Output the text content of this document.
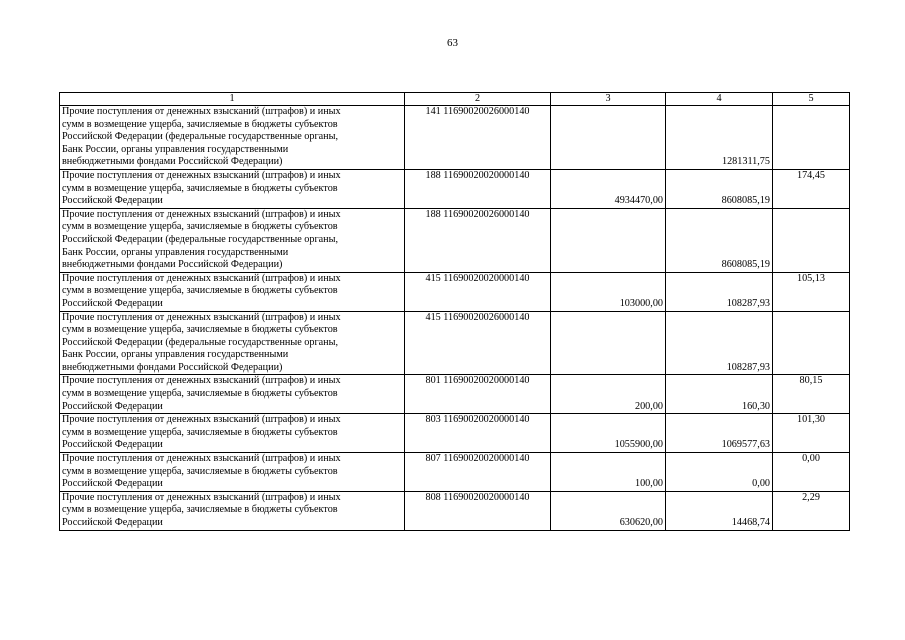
63
1	2	3	4	5
Прочие поступления от денежных взысканий (штрафов) и иных
сумм в возмещение ущерба, зачисляемые в бюджеты субъектов
Российской Федерации (федеральные государственные органы,
Банк России, органы управления государственными
внебюджетными фондами Российской Федерации)	141 11690020026000140		1281311,75	
Прочие поступления от денежных взысканий (штрафов) и иных
сумм в возмещение ущерба, зачисляемые в бюджеты субъектов
Российской Федерации	188 11690020020000140	4934470,00	8608085,19	174,45
Прочие поступления от денежных взысканий (штрафов) и иных
сумм в возмещение ущерба, зачисляемые в бюджеты субъектов
Российской Федерации (федеральные государственные органы,
Банк России, органы управления государственными
внебюджетными фондами Российской Федерации)	188 11690020026000140		8608085,19	
Прочие поступления от денежных взысканий (штрафов) и иных
сумм в возмещение ущерба, зачисляемые в бюджеты субъектов
Российской Федерации	415 11690020020000140	103000,00	108287,93	105,13
Прочие поступления от денежных взысканий (штрафов) и иных
сумм в возмещение ущерба, зачисляемые в бюджеты субъектов
Российской Федерации (федеральные государственные органы,
Банк России, органы управления государственными
внебюджетными фондами Российской Федерации)	415 11690020026000140		108287,93	
Прочие поступления от денежных взысканий (штрафов) и иных
сумм в возмещение ущерба, зачисляемые в бюджеты субъектов
Российской Федерации	801 11690020020000140	200,00	160,30	80,15
Прочие поступления от денежных взысканий (штрафов) и иных
сумм в возмещение ущерба, зачисляемые в бюджеты субъектов
Российской Федерации	803 11690020020000140	1055900,00	1069577,63	101,30
Прочие поступления от денежных взысканий (штрафов) и иных
сумм в возмещение ущерба, зачисляемые в бюджеты субъектов
Российской Федерации	807 11690020020000140	100,00	0,00	0,00
Прочие поступления от денежных взысканий (штрафов) и иных
сумм в возмещение ущерба, зачисляемые в бюджеты субъектов
Российской Федерации	808 11690020020000140	630620,00	14468,74	2,29
